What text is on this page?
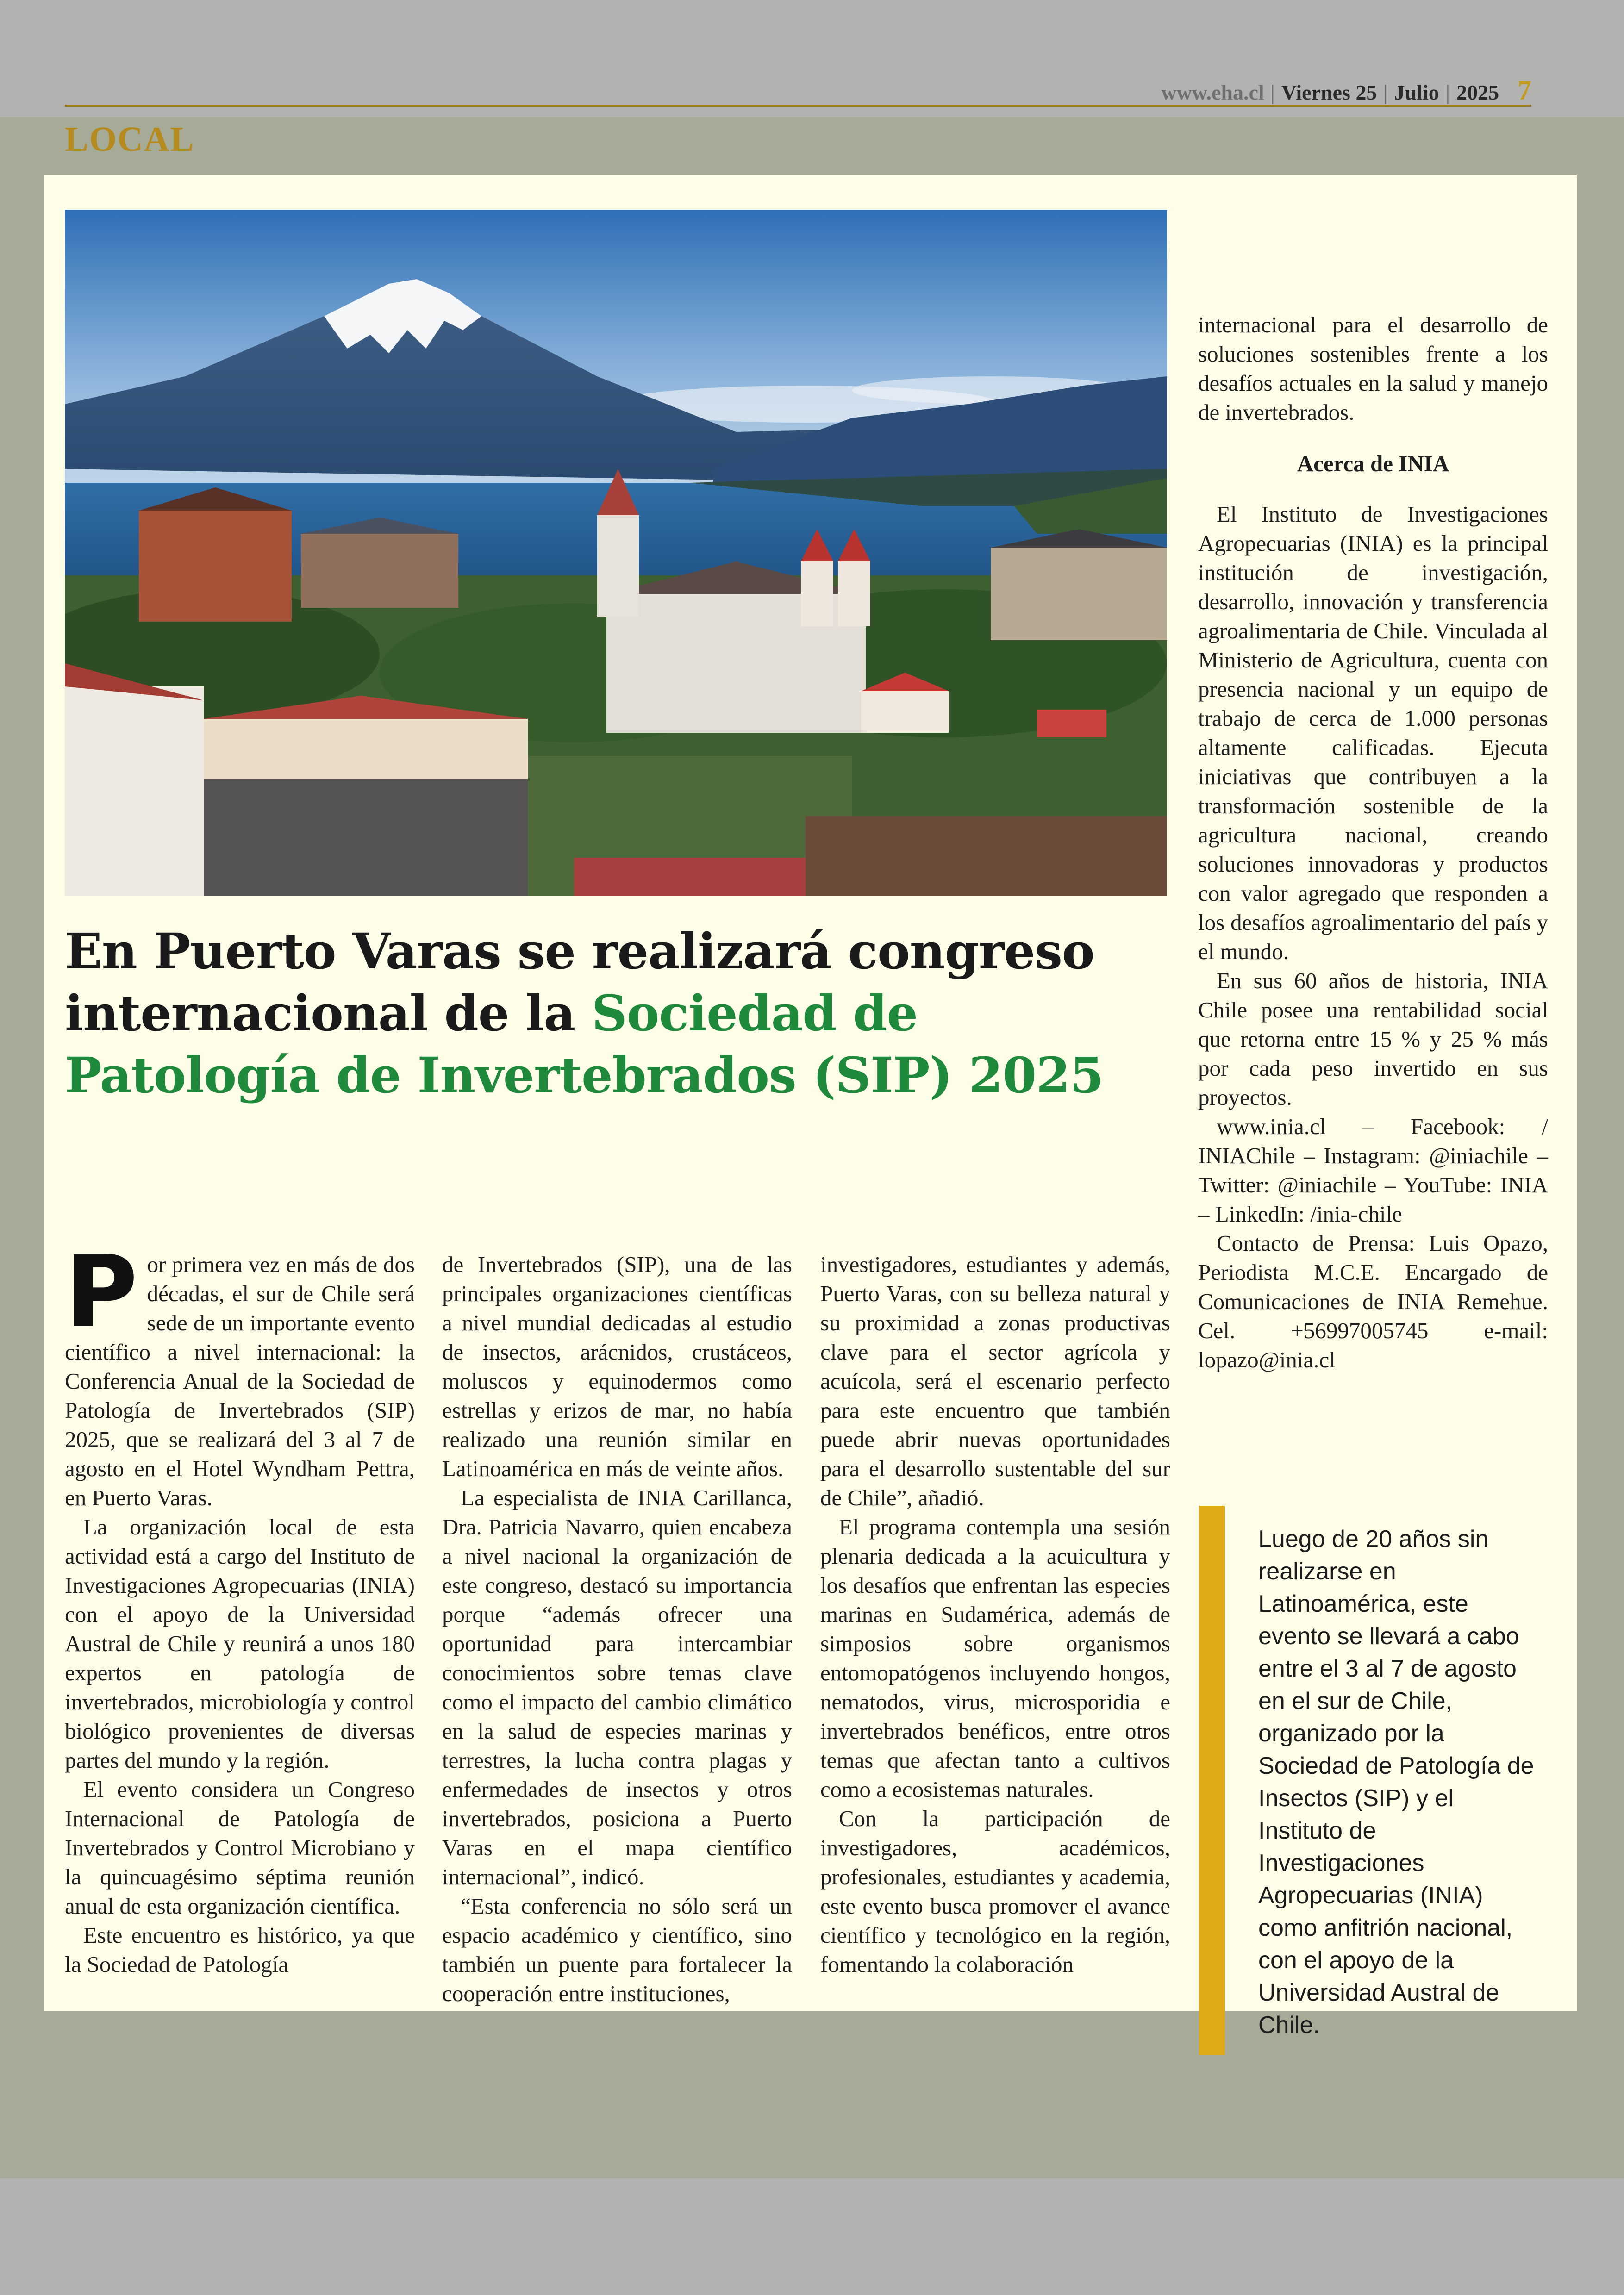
www.eha.cl | Viernes 25 | Julio | 2025 7
LOCAL
En Puerto Varas se realizará congreso internacional de la Sociedad de Patología de Invertebrados (SIP) 2025

Por primera vez en más de dos décadas, el sur de Chile será sede de un importante evento científico a nivel internacional: la Conferencia Anual de la Sociedad de Patología de Invertebrados (SIP) 2025, que se realizará del 3 al 7 de agosto en el Hotel Wyndham Pettra, en Puerto Varas.

La organización local de esta actividad está a cargo del Instituto de Investigaciones Agropecuarias (INIA) con el apoyo de la Universidad Austral de Chile y reunirá a unos 180 expertos en patología de invertebrados, microbiología y control biológico provenientes de diversas partes del mundo y la región.

El evento considera un Congreso Internacional de Patología de Invertebrados y Control Microbiano y la quincuagésimo séptima reunión anual de esta organización científica.

Este encuentro es histórico, ya que la Sociedad de Patología

de Invertebrados (SIP), una de las principales organizaciones científicas a nivel mundial dedicadas al estudio de insectos, arácnidos, crustáceos, moluscos y equinodermos como estrellas y erizos de mar, no había realizado una reunión similar en Latinoamérica en más de veinte años.

La especialista de INIA Carillanca, Dra. Patricia Navarro, quien encabeza a nivel nacional la organización de este congreso, destacó su importancia porque “además ofrecer una oportunidad para intercambiar conocimientos sobre temas clave como el impacto del cambio climático en la salud de especies marinas y terrestres, la lucha contra plagas y enfermedades de insectos y otros invertebrados, posiciona a Puerto Varas en el mapa científico internacional”, indicó.

“Esta conferencia no sólo será un espacio académico y científico, sino también un puente para fortalecer la cooperación entre instituciones,

investigadores, estudiantes y además, Puerto Varas, con su belleza natural y su proximidad a zonas productivas clave para el sector agrícola y acuícola, será el escenario perfecto para este encuentro que también puede abrir nuevas oportunidades para el desarrollo sustentable del sur de Chile”, añadió.

El programa contempla una sesión plenaria dedicada a la acuicultura y los desafíos que enfrentan las especies marinas en Sudamérica, además de simposios sobre organismos entomopatógenos incluyendo hongos, nematodos, virus, microsporidia e invertebrados benéficos, entre otros temas que afectan tanto a cultivos como a ecosistemas naturales.

Con la participación de investigadores, académicos, profesionales, estudiantes y academia, este evento busca promover el avance científico y tecnológico en la región, fomentando la colaboración

internacional para el desarrollo de soluciones sostenibles frente a los desafíos actuales en la salud y manejo de invertebrados.

Acerca de INIA

El Instituto de Investigaciones Agropecuarias (INIA) es la principal institución de investigación, desarrollo, innovación y transferencia agroalimentaria de Chile. Vinculada al Ministerio de Agricultura, cuenta con presencia nacional y un equipo de trabajo de cerca de 1.000 personas altamente calificadas. Ejecuta iniciativas que contribuyen a la transformación sostenible de la agricultura nacional, creando soluciones innovadoras y productos con valor agregado que responden a los desafíos agroalimentario del país y el mundo.

En sus 60 años de historia, INIA Chile posee una rentabilidad social que retorna entre 15 % y 25 % más por cada peso invertido en sus proyectos.

www.inia.cl – Facebook: / INIAChile – Instagram: @iniachile – Twitter: @iniachile – YouTube: INIA – LinkedIn: /inia-chile

Contacto de Prensa: Luis Opazo, Periodista M.C.E. Encargado de Comunicaciones de INIA Remehue. Cel. +56997005745 e-mail: lopazo@inia.cl

Luego de 20 años sin realizarse en Latinoamérica, este evento se llevará a cabo entre el 3 al 7 de agosto en el sur de Chile, organizado por la Sociedad de Patología de Insectos (SIP) y el Instituto de Investigaciones Agropecuarias (INIA) como anfitrión nacional, con el apoyo de la Universidad Austral de Chile.
